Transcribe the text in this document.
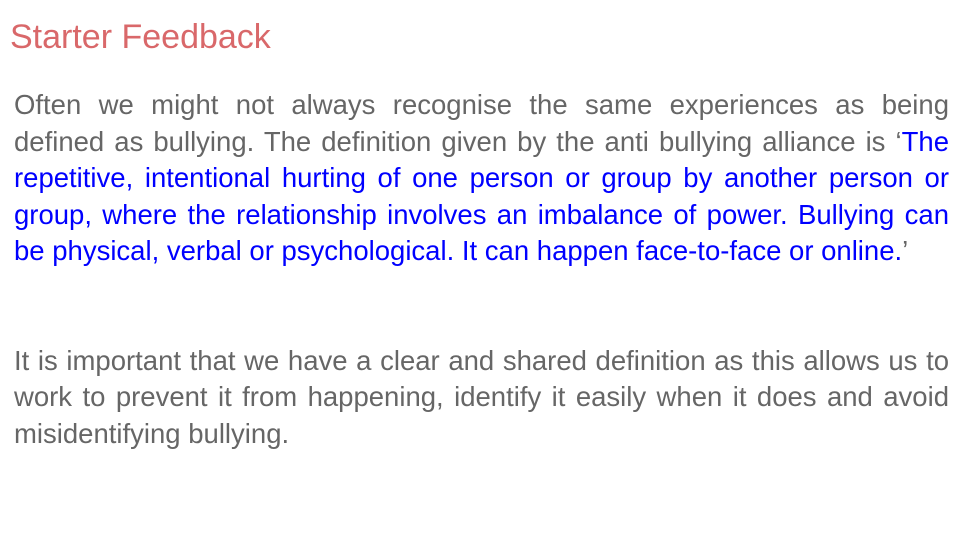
Starter Feedback

Often we might not always recognise the same experiences as being defined as bullying. The definition given by the anti bullying alliance is ‘The repetitive, intentional hurting of one person or group by another person or group, where the relationship involves an imbalance of power. Bullying can be physical, verbal or psychological. It can happen face-to-face or online.’

It is important that we have a clear and shared definition as this allows us to work to prevent it from happening, identify it easily when it does and avoid misidentifying bullying.
